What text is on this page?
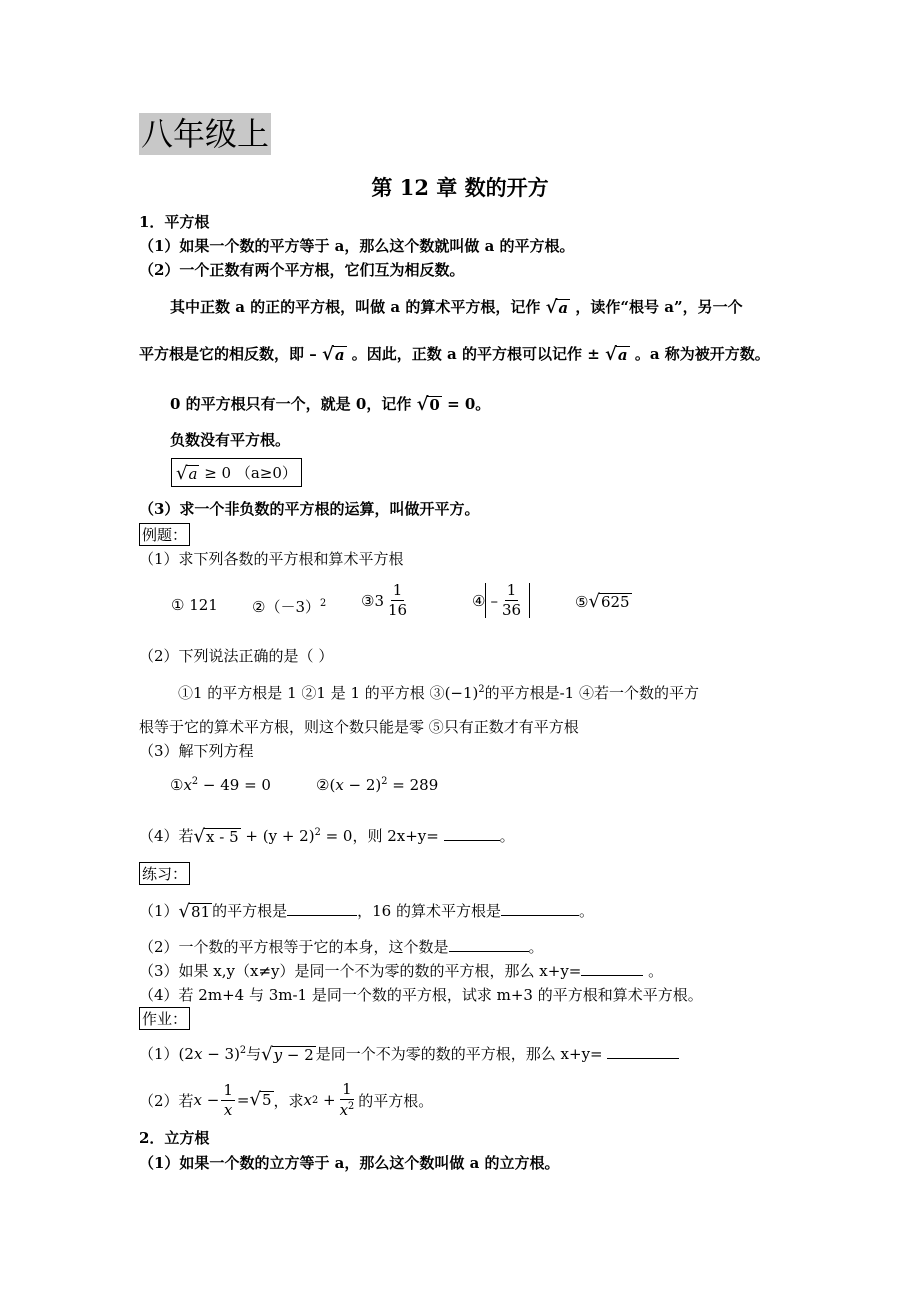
八年级上
第 12 章 数的开方
1．平方根
（1）如果一个数的平方等于 a，那么这个数就叫做 a 的平方根。
（2）一个正数有两个平方根，它们互为相反数。
其中正数 a 的正的平方根，叫做 a 的算术平方根，记作 √ a ，读作“根号 a”，另一个
平方根是它的相反数，即 – √ a 。因此，正数 a 的平方根可以记作 ± √ a 。a 称为被开方数。
0 的平方根只有一个，就是 0，记作 √ 0 = 0。
负数没有平方根。
√ a ≥ 0 （a≥0）
（3）求一个非负数的平方根的运算，叫做开平方。
例题：
（1）求下列各数的平方根和算术平方根
① 121 $②(-3)^2$ ③3 $\frac{1}{16}$	④ – $\frac{1}{36}$	⑤ √ 625
（2）下列说法正确的是（ ）
①1 的平方根是 1 ②1 是 1 的平方根 $③(-1)^2$的平方根是-1 ④若一个数的平方
根等于它的算术平方根，则这个数只能是零 ⑤只有正数才有平方根
（3）解下列方程
$①x^2 - 49 = 0$	②(x − 2)$^2$ = 289
（4）若 √ $x - 5 + (y + 2)^2 = 0$，则 2x+y=	。
练习：
（1） √ 81 的平方根是	，16 的算术平方根是	。
（2）一个数的平方根等于它的本身，这个数是	。
（3）如果 x,y（x≠y）是同一个不为零的数的平方根，那么 x+y=	。
（4）若 2m+4 与 3m-1 是同一个数的平方根，试求 m+3 的平方根和算术平方根。
作业：
$(1)(2x - 3)^2$与 √ y − 2 是同一个不为零的数的平方根，那么 x+y=
（2）若 $x - \frac{1}{x}$ = √ 5 ，求 x $2 + \frac{1}{x^2}$ 的平方根。
2．立方根
（1）如果一个数的立方等于 a，那么这个数叫做 a 的立方根。
